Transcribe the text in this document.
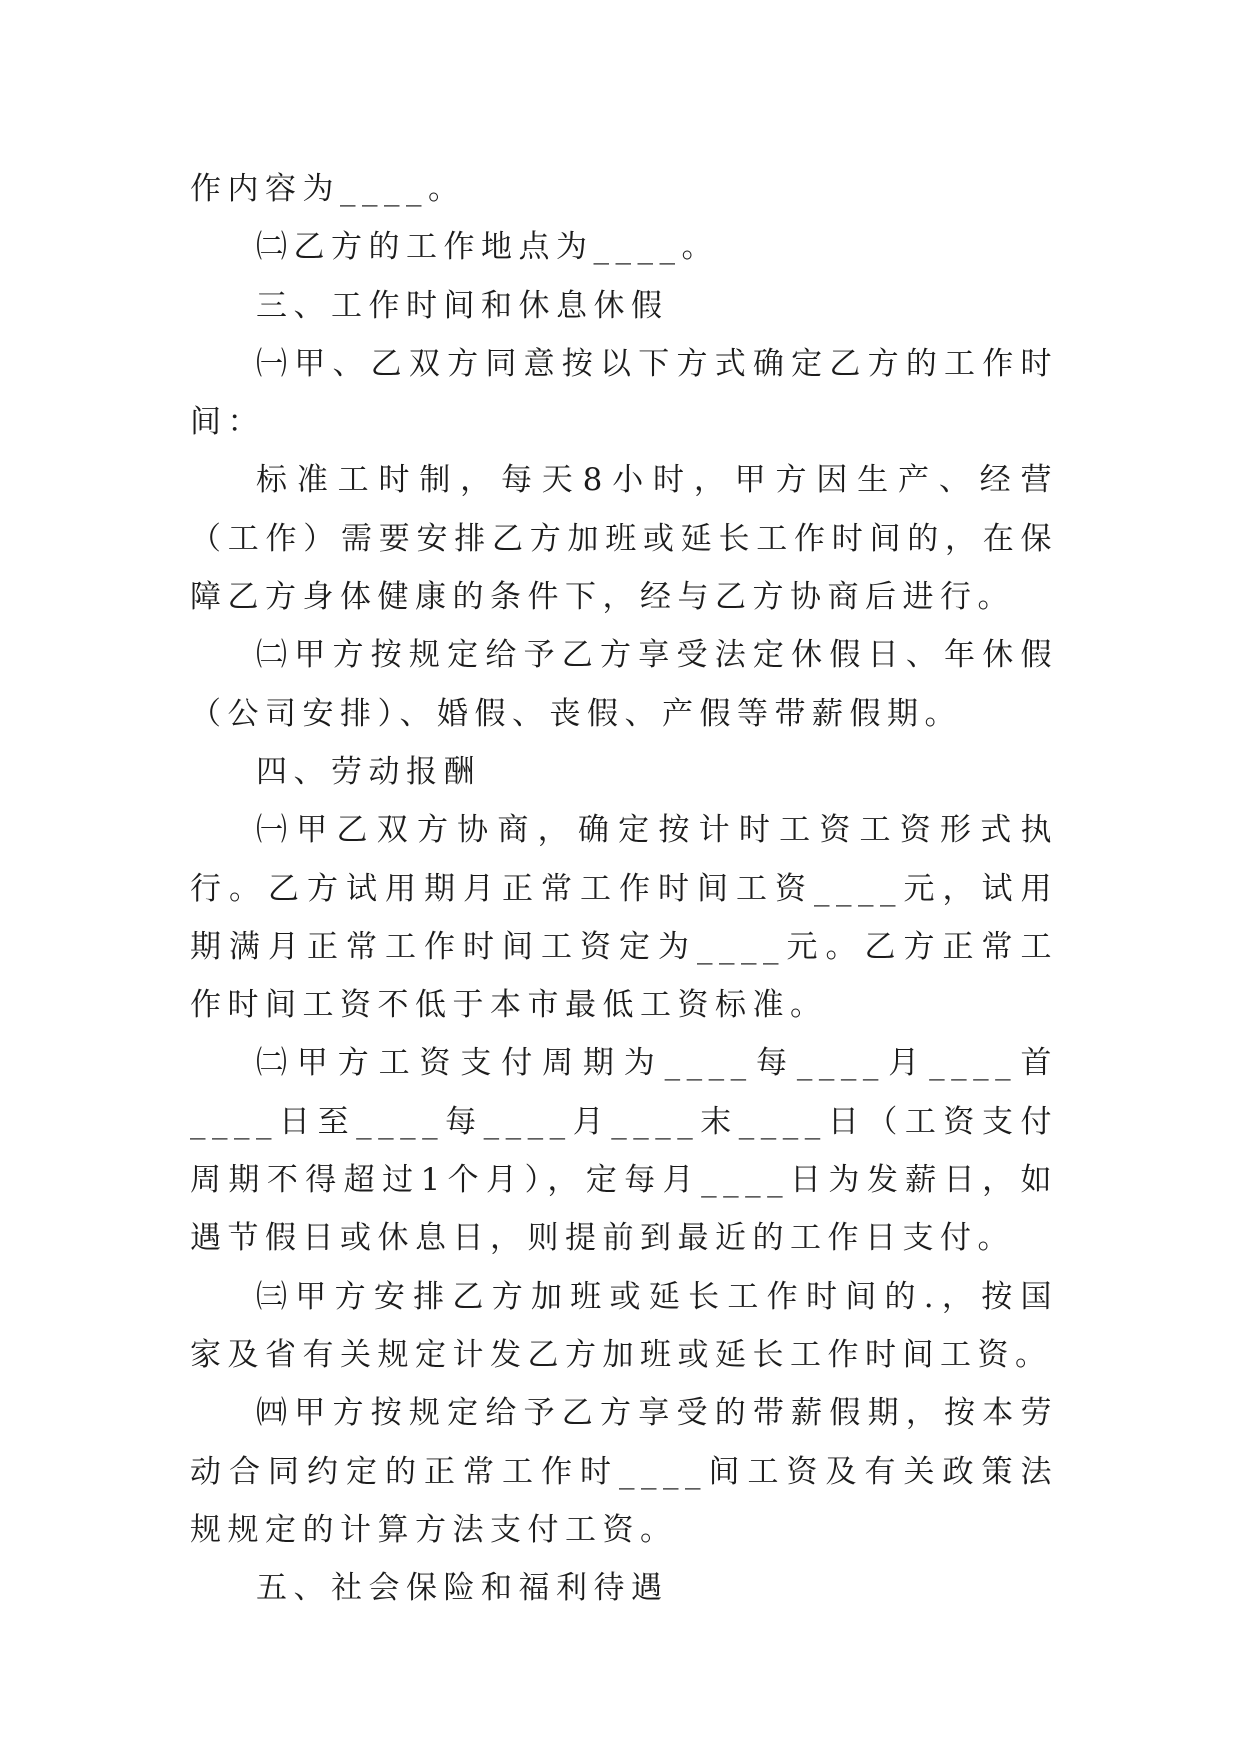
作内容为____。

㈡乙方的工作地点为____。

三、工作时间和休息休假

㈠甲、乙双方同意按以下方式确定乙方的工作时间：

标准工时制，每天8小时，甲方因生产、经营（工作）需要安排乙方加班或延长工作时间的，在保障乙方身体健康的条件下，经与乙方协商后进行。

㈡甲方按规定给予乙方享受法定休假日、年休假（公司安排）、婚假、丧假、产假等带薪假期。

四、劳动报酬

㈠甲乙双方协商，确定按计时工资工资形式执行。乙方试用期月正常工作时间工资____元，试用期满月正常工作时间工资定为____元。乙方正常工作时间工资不低于本市最低工资标准。

㈡甲方工资支付周期为____每____月____首____日至____每____月____末____日（工资支付周期不得超过1个月），定每月____日为发薪日，如遇节假日或休息日，则提前到最近的工作日支付。

㈢甲方安排乙方加班或延长工作时间的.，按国家及省有关规定计发乙方加班或延长工作时间工资。

㈣甲方按规定给予乙方享受的带薪假期，按本劳动合同约定的正常工作时____间工资及有关政策法规规定的计算方法支付工资。

五、社会保险和福利待遇
